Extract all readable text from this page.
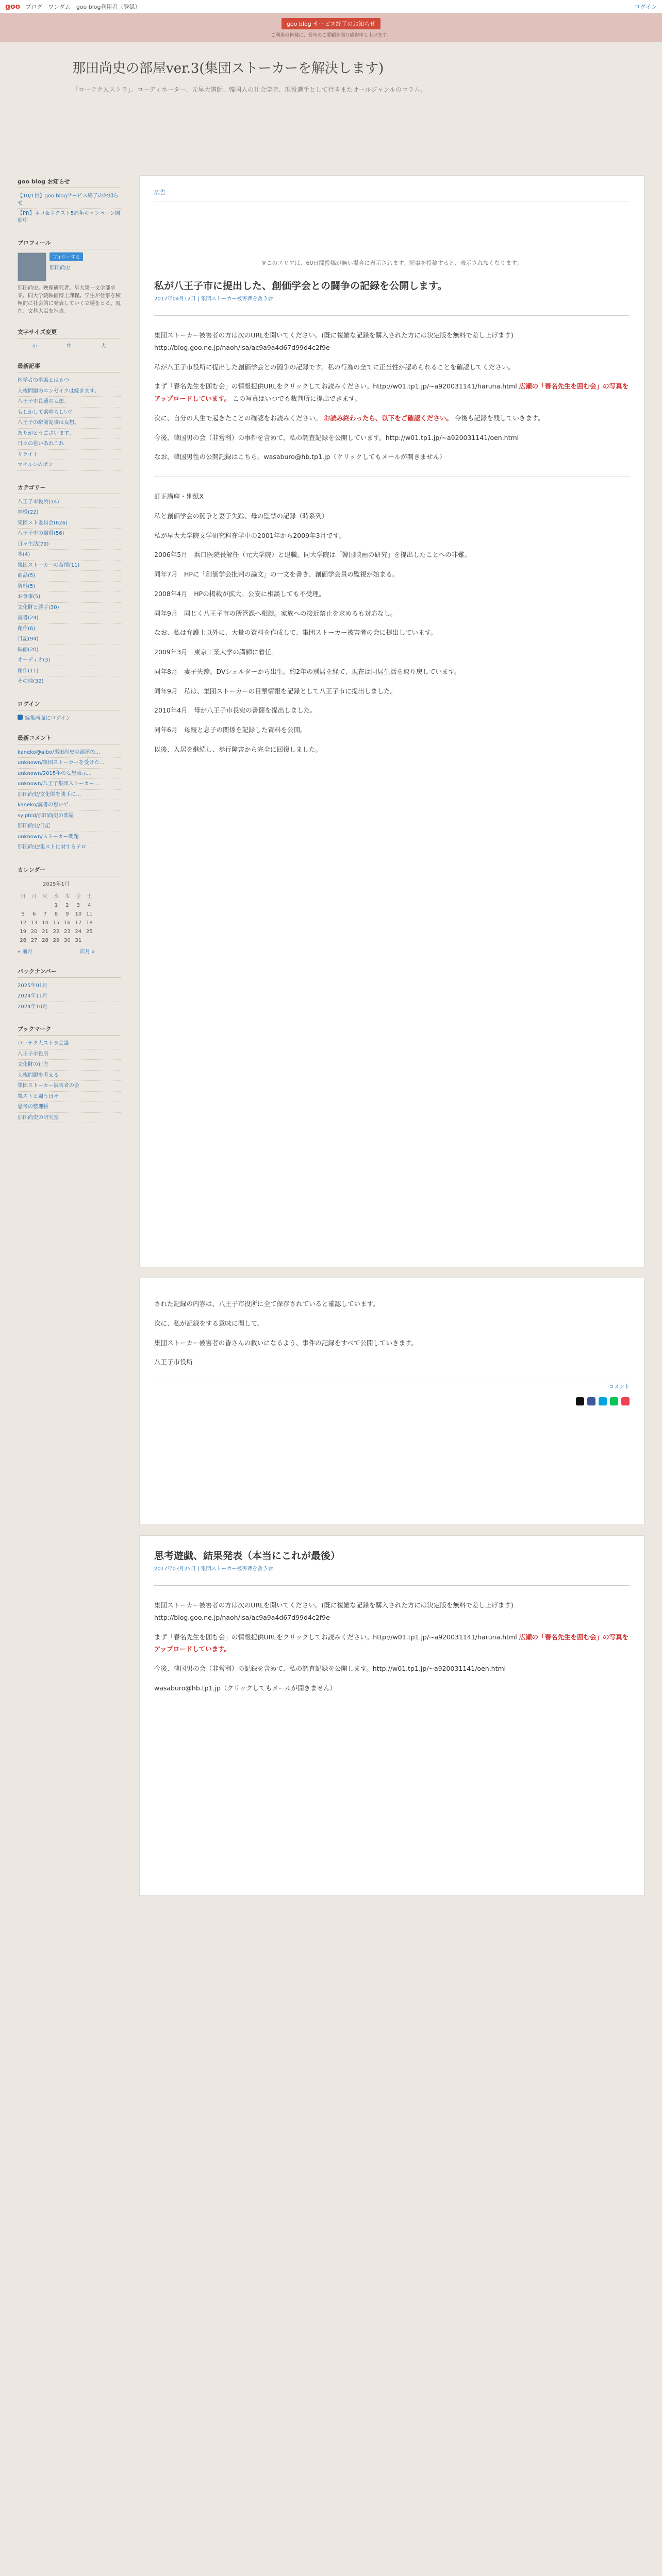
goo ブログ　ワンダム　goo blog利用者（登録）	ログイン
goo blog サービス終了のお知らせ
ご利用の皆様に、長年のご愛顧を賜り感謝申し上げます。
那田尚史の部屋ver.3(集団ストーカーを解決します)

「ローテク人ストラ」、コーディネーター、元早大講師、韓国人の社会学者、現役選手として行きまたオールジャンルのコラム。

goo blog お知らせ
【10/1付】goo blogサービス終了のお知らせ
【PR】ネコ＆ネクスト5周年キャンペーン開催中
プロフィール
フォローする
那田尚史

那田尚史。映像研究者。早大第一文学部卒業。同大学院映画博士課程。学生が仕事を積極的に社会的に発表していく立場をとる。現在、文科大臣を担当。

文字サイズ変更
小	中	大
最新記事
医学者の事案とは６つ
人権問題のエンゼイクは続きます。
八王子市長選の妄想。
もしかして素晴らしい？
八王子の駅前記事は妄想。
ありがとうございます。
日々の思いあれこれ
リライト
マチルンのボン
カテゴリー
八王子市役所(14)
神様(22)
集団スト委員会(626)
八王子市の職員(56)
日々生活(79)
本(4)
集団ストーカーの苦情(11)
商品(5)
資料(5)
お食事(5)
文化財と勝手(30)
読書(24)
創作(6)
日記(94)
映画(20)
オーディオ(3)
創作(11)
その他(32)
ログイン
編集画面にログイン
最新コメント
kaneko@aibo/那田尚史の部屋の...
unknown/集団ストーカーを受けた...
unknown/2015年の妄想表示...
unknown/八王子集団ストーカー...
那田尚史/文化財を勝手に...
kaneko/読書の思いで...
sylphid/那田尚史の部屋
那田尚史/日記
unknown/ストーカー問題
那田尚史/集ストに対するテロ
カレンダー
2025年1月
日	月	火	水	木	金	土
			1	2	3	4
5	6	7	8	9	10	11
12	13	14	15	16	17	18
19	20	21	22	23	24	25
26	27	28	29	30	31	
« 前月	次月 »
バックナンバー
2025年01月
2024年11月
2024年10月
ブックマーク
ローテク人ストラ会議
八王子市役所
文化財の行方
人権問題を考える
集団ストーカー被害者の会
集ストと闘う日々
思考の整理帳
那田尚史の研究室
広告

※このエリアは、60日間投稿が無い場合に表示されます。記事を投稿すると、表示されなくなります。

私が八王子市に提出した、創価学会との闘争の記録を公開します。
2017年04月12日 | 集団ストーカー被害者を救う会

集団ストーカー被害者の方は次のURLを開いてください。(既に複雑な記録を購入された方には決定版を無料で差し上げます) http://blog.goo.ne.jp/naoh/isa/ac9a9a4d67d99d4c2f9e

私が八王子市役所に提出した創価学会との闘争の記録です。私の行為の全てに正当性が認められることを確認してください。

まず「春名先生を囲む会」の情報提供URLをクリックしてお読みください。http://w01.tp1.jp/~a920031141/haruna.html 広瀬の「春名先生を囲む会」の写真をアップロードしています。 この写真はいつでも裁判所に提出できます。

次に、自分の人生で起きたことの確認をお読みください。 お読み終わったら、以下をご確認ください。 今後も記録を残していきます。

今後、韓国男の会（非営利）の事件を含めて、私の調査記録を公開しています。http://w01.tp1.jp/~a920031141/oen.html

なお、韓国男性の公開記録はこちら。wasaburo@hb.tp1.jp（クリックしてもメールが開きません）

訂正講座・別紙X

私と創価学会の闘争と妻子失踪、母の監禁の記録（時系列）

私が早大大学院文学研究科在学中の2001年から2009年3月です。

2006年5月　浜口医院長解任（元大学院）と退職。同大学院は「韓国映画の研究」を提出したことへの非難。

同年7月　HPに「創価学会批判の論文」の一文を書き、創価学会員の監視が始まる。

2008年4月　HPの掲載が拡大。公安に相談しても不受理。

同年9月　同じく八王子市の所管課へ相談。家族への接近禁止を求めるも対応なし。

なお、私は弁護士以外に、大量の資料を作成して、集団ストーカー被害者の会に提出しています。

2009年3月　東京工業大学の講師に着任。

同年8月　妻子失踪。DVシェルターから出生。約2年の別居を経て、現在は同居生活を取り戻しています。

同年9月　私は、集団ストーカーの目撃情報を記録として八王子市に提出しました。

2010年4月　母が八王子市長宛の書簡を提出しました。

同年6月　母親と息子の関係を記録した資料を公開。

以後、入居を継続し、歩行障害から完全に回復しました。

された記録の内容は、八王子市役所に全て保存されていると確認しています。

次に、私が記録をする意味に関して。

集団ストーカー被害者の皆さんの救いになるよう、事件の記録をすべて公開していきます。

八王子市役所

コメント
思考遊戯、結果発表（本当にこれが最後）
2017年03月25日 | 集団ストーカー被害者を救う会

集団ストーカー被害者の方は次のURLを開いてください。(既に複雑な記録を購入された方には決定版を無料で差し上げます) http://blog.goo.ne.jp/naoh/isa/ac9a9a4d67d99d4c2f9e

まず「春名先生を囲む会」の情報提供URLをクリックしてお読みください。http://w01.tp1.jp/~a920031141/haruna.html 広瀬の「春名先生を囲む会」の写真をアップロードしています。

今後、韓国男の会（非営利）の記録を含めて、私の調査記録を公開します。http://w01.tp1.jp/~a920031141/oen.html

wasaburo@hb.tp1.jp（クリックしてもメールが開きません）
